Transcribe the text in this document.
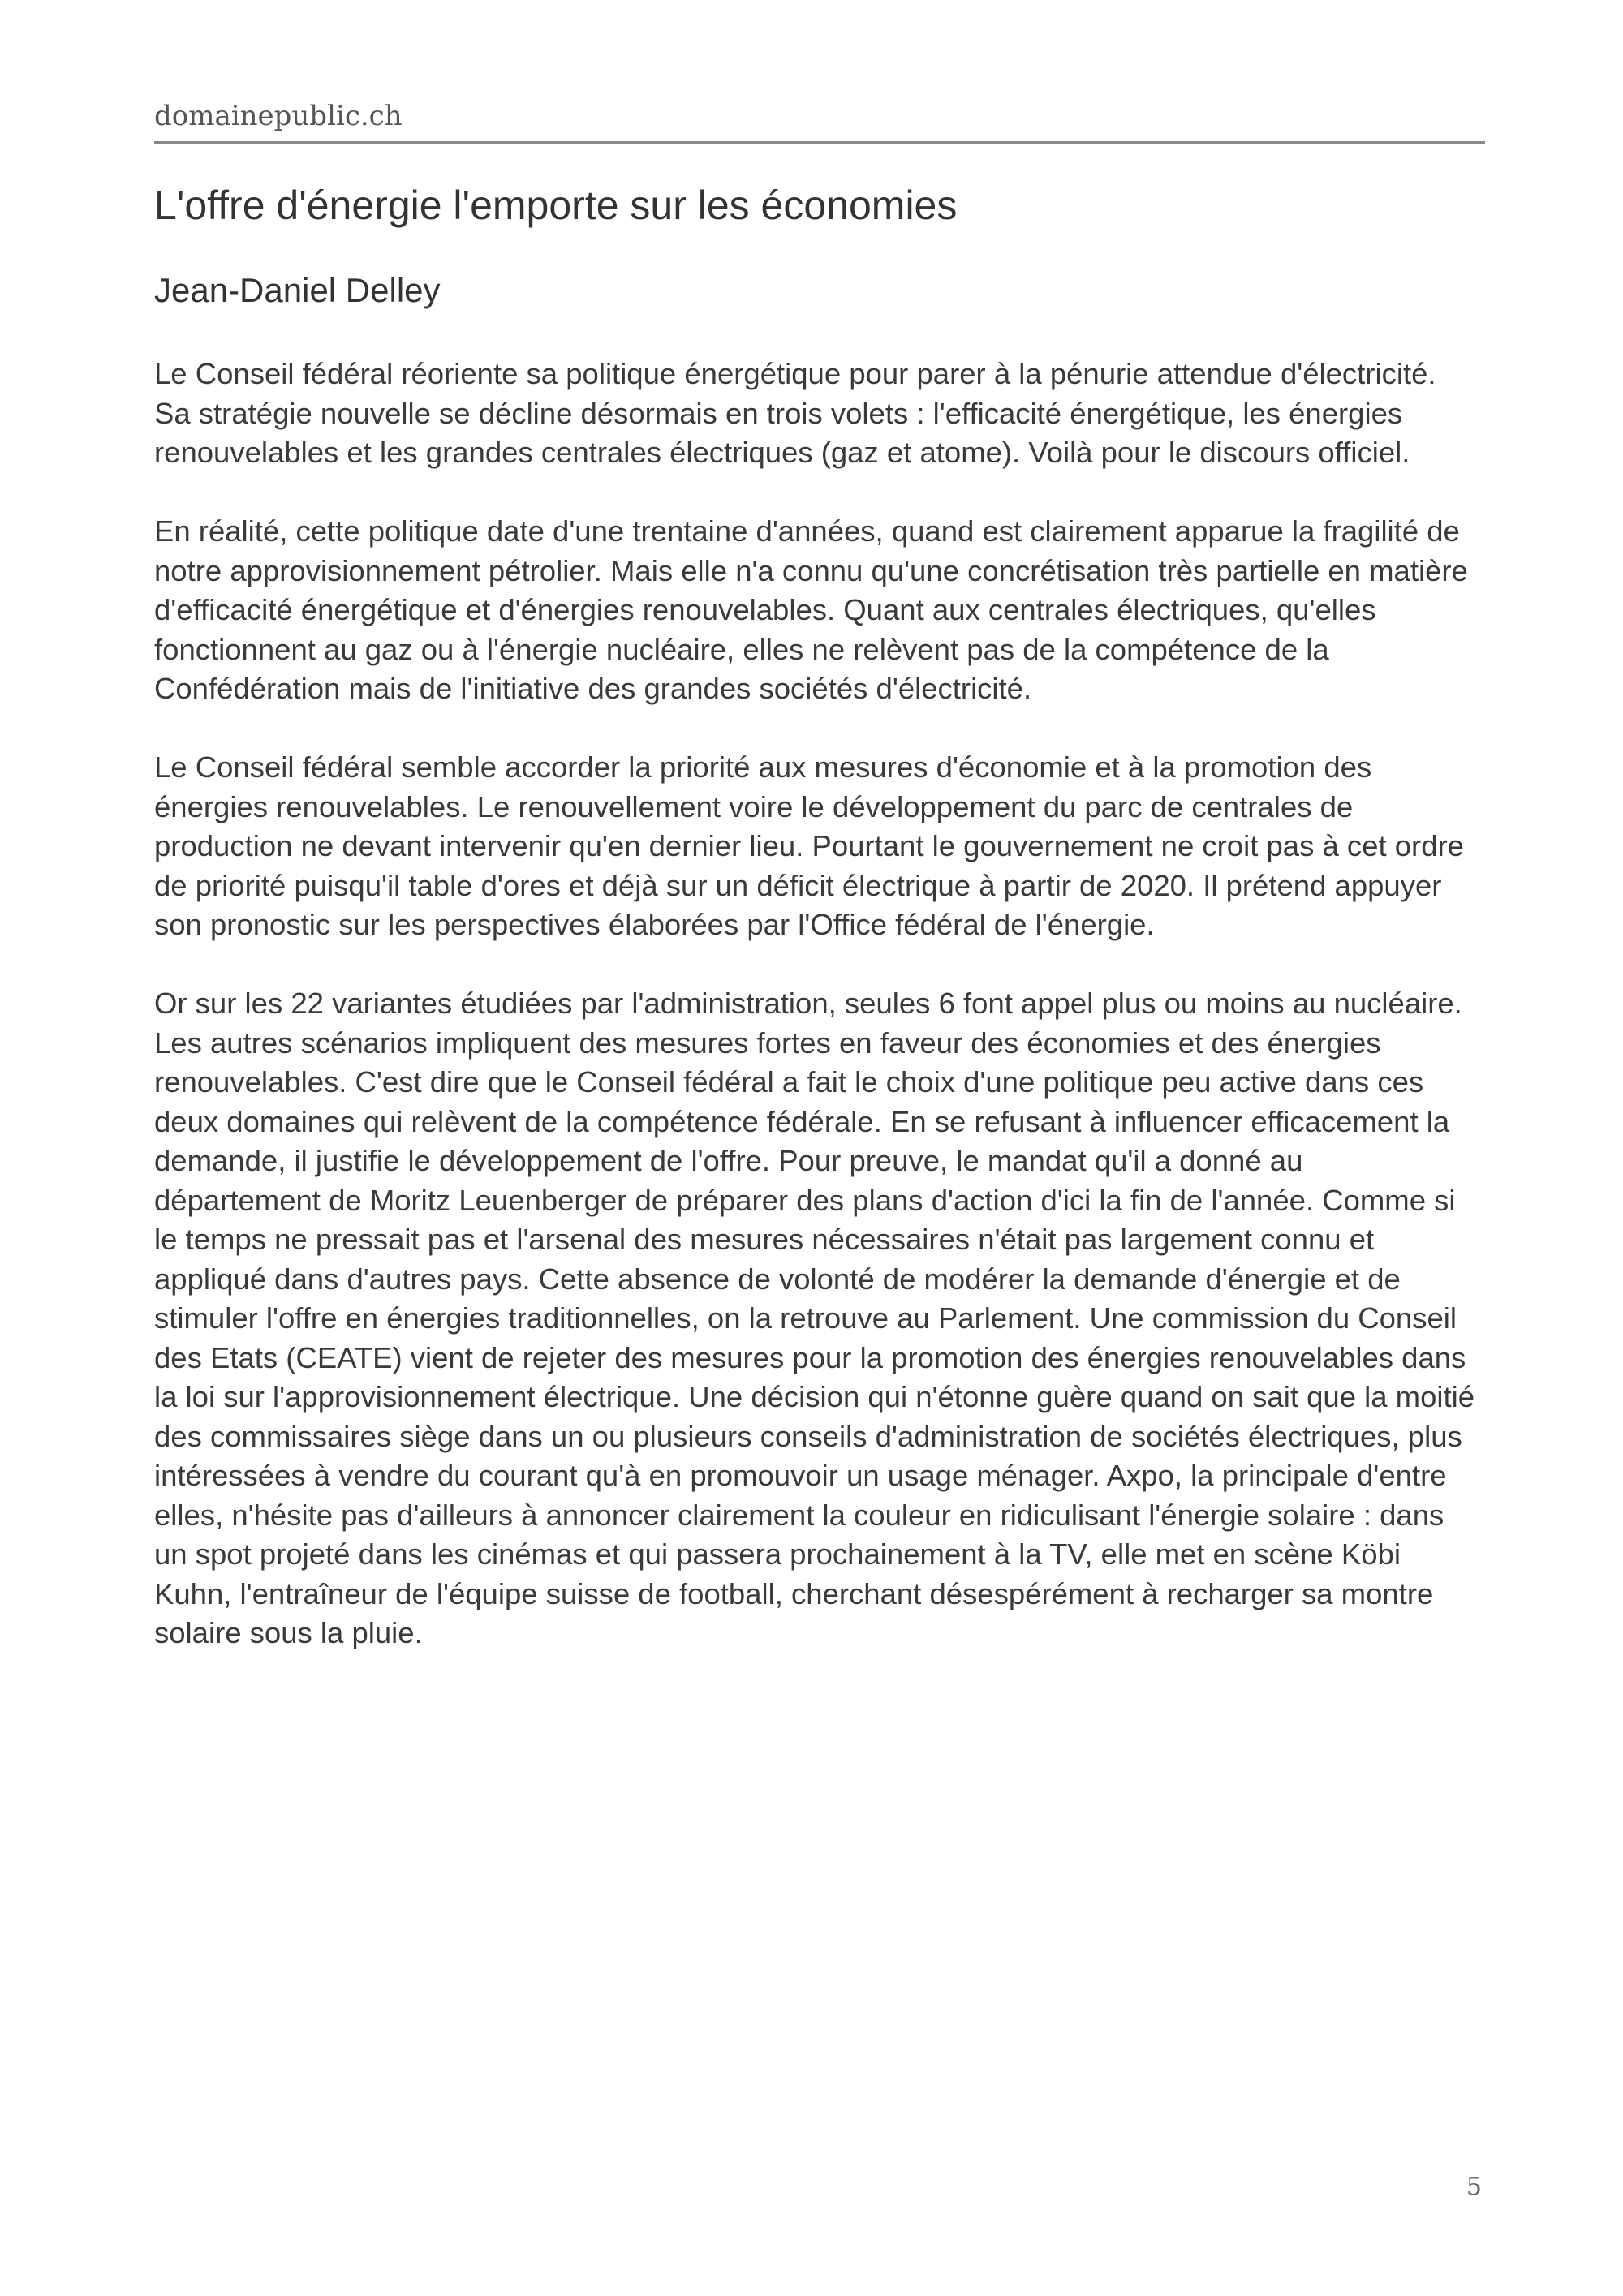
domainepublic.ch
L'offre d'énergie l'emporte sur les économies

Jean-Daniel Delley

Le Conseil fédéral réoriente sa politique énergétique pour parer à la pénurie attendue d'électricité. Sa stratégie nouvelle se décline désormais en trois volets : l'efficacité énergétique, les énergies renouvelables et les grandes centrales électriques (gaz et atome). Voilà pour le discours officiel.

En réalité, cette politique date d'une trentaine d'années, quand est clairement apparue la fragilité de notre approvisionnement pétrolier. Mais elle n'a connu qu'une concrétisation très partielle en matière d'efficacité énergétique et d'énergies renouvelables. Quant aux centrales électriques, qu'elles fonctionnent au gaz ou à l'énergie nucléaire, elles ne relèvent pas de la compétence de la Confédération mais de l'initiative des grandes sociétés d'électricité.

Le Conseil fédéral semble accorder la priorité aux mesures d'économie et à la promotion des énergies renouvelables. Le renouvellement voire le développement du parc de centrales de production ne devant intervenir qu'en dernier lieu. Pourtant le gouvernement ne croit pas à cet ordre de priorité puisqu'il table d'ores et déjà sur un déficit électrique à partir de 2020. Il prétend appuyer son pronostic sur les perspectives élaborées par l'Office fédéral de l'énergie.

Or sur les 22 variantes étudiées par l'administration, seules 6 font appel plus ou moins au nucléaire. Les autres scénarios impliquent des mesures fortes en faveur des économies et des énergies renouvelables. C'est dire que le Conseil fédéral a fait le choix d'une politique peu active dans ces deux domaines qui relèvent de la compétence fédérale. En se refusant à influencer efficacement la demande, il justifie le développement de l'offre. Pour preuve, le mandat qu'il a donné au département de Moritz Leuenberger de préparer des plans d'action d'ici la fin de l'année. Comme si le temps ne pressait pas et l'arsenal des mesures nécessaires n'était pas largement connu et appliqué dans d'autres pays. Cette absence de volonté de modérer la demande d'énergie et de stimuler l'offre en énergies traditionnelles, on la retrouve au Parlement. Une commission du Conseil des Etats (CEATE) vient de rejeter des mesures pour la promotion des énergies renouvelables dans la loi sur l'approvisionnement électrique. Une décision qui n'étonne guère quand on sait que la moitié des commissaires siège dans un ou plusieurs conseils d'administration de sociétés électriques, plus intéressées à vendre du courant qu'à en promouvoir un usage ménager. Axpo, la principale d'entre elles, n'hésite pas d'ailleurs à annoncer clairement la couleur en ridiculisant l'énergie solaire : dans un spot projeté dans les cinémas et qui passera prochainement à la TV, elle met en scène Köbi Kuhn, l'entraîneur de l'équipe suisse de football, cherchant désespérément à recharger sa montre solaire sous la pluie.

5
